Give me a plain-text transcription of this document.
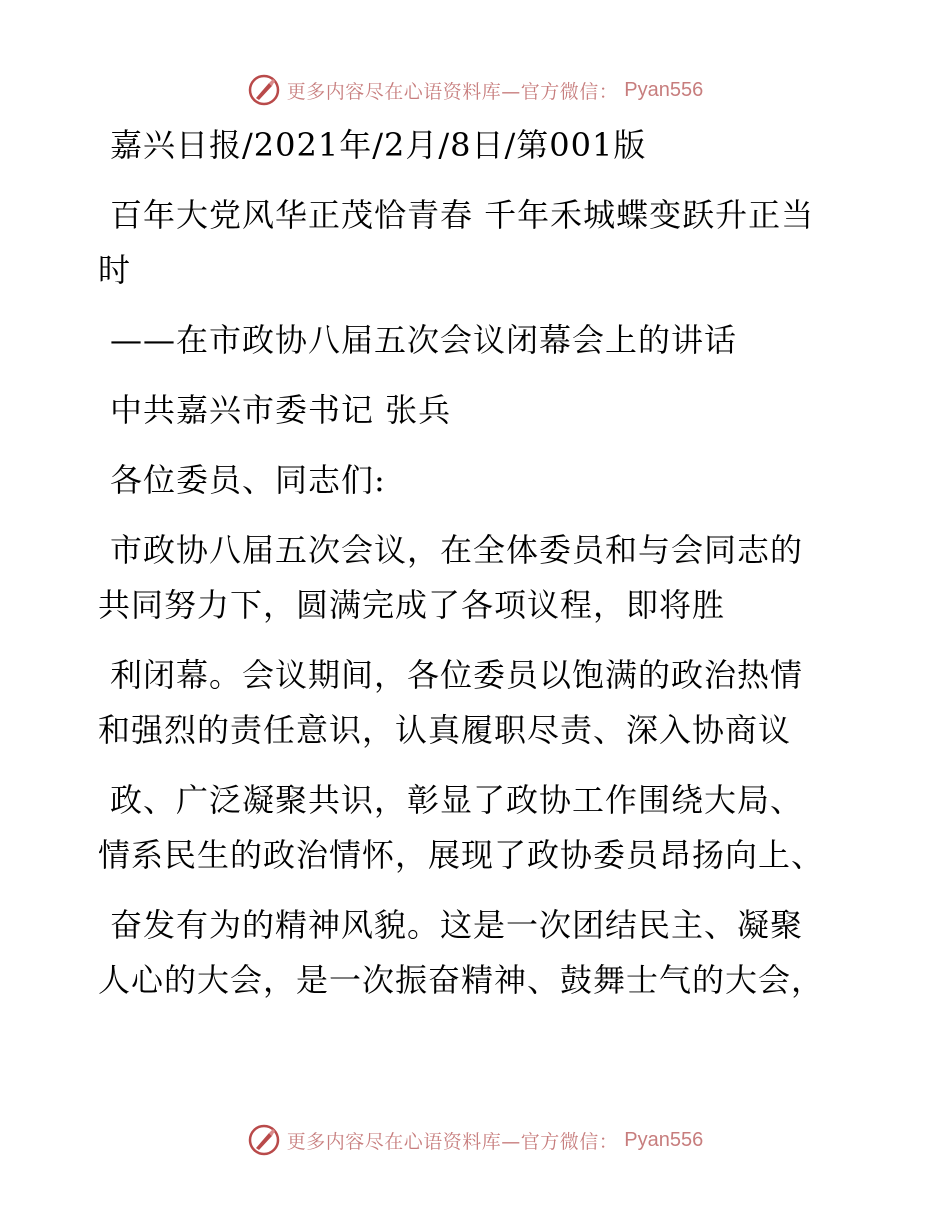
更多内容尽在心语资料库—官方微信： Pyan556
嘉兴日报/2021年/2月/8日/第001版
百年大党风华正茂恰青春 千年禾城蝶变跃升正当
时
——在市政协八届五次会议闭幕会上的讲话
中共嘉兴市委书记 张兵
各位委员、同志们:
市政协八届五次会议，在全体委员和与会同志的
共同努力下，圆满完成了各项议程，即将胜
利闭幕。会议期间，各位委员以饱满的政治热情
和强烈的责任意识，认真履职尽责、深入协商议
政、广泛凝聚共识，彰显了政协工作围绕大局、
情系民生的政治情怀，展现了政协委员昂扬向上、
奋发有为的精神风貌。这是一次团结民主、凝聚
人心的大会，是一次振奋精神、鼓舞士气的大会，
更多内容尽在心语资料库—官方微信： Pyan556
